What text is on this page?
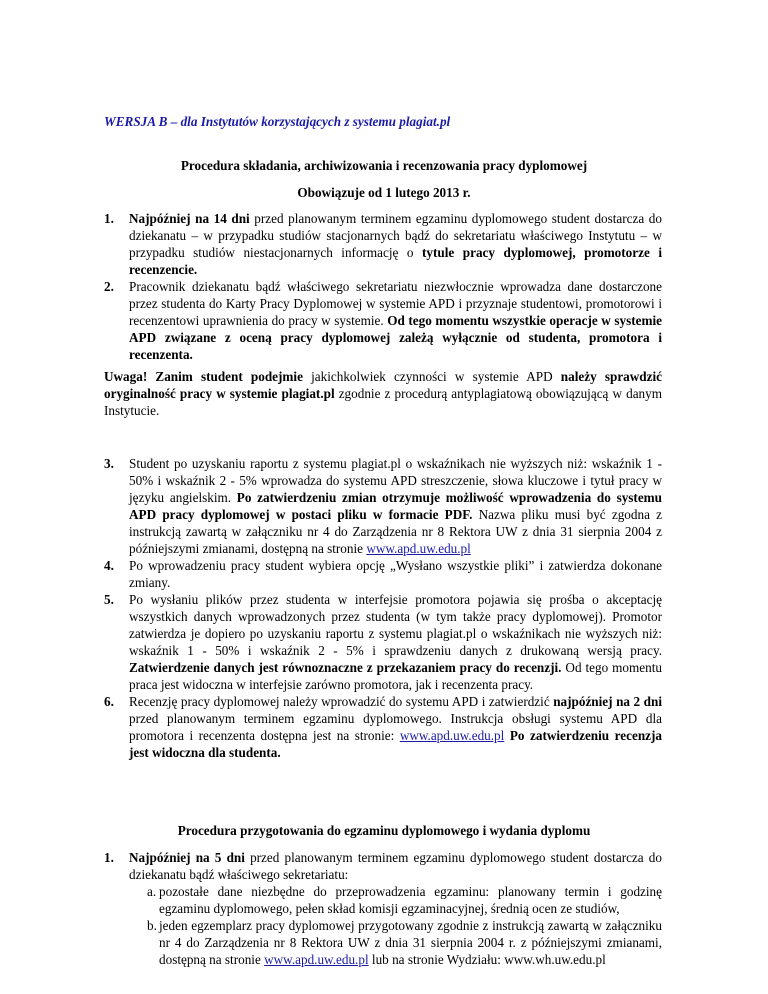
WERSJA B – dla Instytutów korzystających z systemu plagiat.pl
Procedura składania, archiwizowania i recenzowania pracy dyplomowej
Obowiązuje od 1 lutego 2013 r.
1. Najpóźniej na 14 dni przed planowanym terminem egzaminu dyplomowego student dostarcza do dziekanatu – w przypadku studiów stacjonarnych bądź do sekretariatu właściwego Instytutu – w przypadku studiów niestacjonarnych informację o tytule pracy dyplomowej, promotorze i recenzencie.
2. Pracownik dziekanatu bądź właściwego sekretariatu niezwłocznie wprowadza dane dostarczone przez studenta do Karty Pracy Dyplomowej w systemie APD i przyznaje studentowi, promotorowi i recenzentowi uprawnienia do pracy w systemie. Od tego momentu wszystkie operacje w systemie APD związane z oceną pracy dyplomowej zależą wyłącznie od studenta, promotora i recenzenta.

Uwaga! Zanim student podejmie jakichkolwiek czynności w systemie APD należy sprawdzić oryginalność pracy w systemie plagiat.pl zgodnie z procedurą antyplagiatową obowiązującą w danym Instytucie.

3. Student po uzyskaniu raportu z systemu plagiat.pl o wskaźnikach nie wyższych niż: wskaźnik 1 - 50% i wskaźnik 2 - 5% wprowadza do systemu APD streszczenie, słowa kluczowe i tytuł pracy w języku angielskim. Po zatwierdzeniu zmian otrzymuje możliwość wprowadzenia do systemu APD pracy dyplomowej w postaci pliku w formacie PDF. Nazwa pliku musi być zgodna z instrukcją zawartą w załączniku nr 4 do Zarządzenia nr 8 Rektora UW z dnia 31 sierpnia 2004 z późniejszymi zmianami, dostępną na stronie www.apd.uw.edu.pl
4. Po wprowadzeniu pracy student wybiera opcję „Wysłano wszystkie pliki” i zatwierdza dokonane zmiany.
5. Po wysłaniu plików przez studenta w interfejsie promotora pojawia się prośba o akceptację wszystkich danych wprowadzonych przez studenta (w tym także pracy dyplomowej). Promotor zatwierdza je dopiero po uzyskaniu raportu z systemu plagiat.pl o wskaźnikach nie wyższych niż: wskaźnik 1 - 50% i wskaźnik 2 - 5% i sprawdzeniu danych z drukowaną wersją pracy. Zatwierdzenie danych jest równoznaczne z przekazaniem pracy do recenzji. Od tego momentu praca jest widoczna w interfejsie zarówno promotora, jak i recenzenta pracy.
6. Recenzję pracy dyplomowej należy wprowadzić do systemu APD i zatwierdzić najpóźniej na 2 dni przed planowanym terminem egzaminu dyplomowego. Instrukcja obsługi systemu APD dla promotora i recenzenta dostępna jest na stronie: www.apd.uw.edu.pl Po zatwierdzeniu recenzja jest widoczna dla studenta.
Procedura przygotowania do egzaminu dyplomowego i wydania dyplomu
1. Najpóźniej na 5 dni przed planowanym terminem egzaminu dyplomowego student dostarcza do dziekanatu bądź właściwego sekretariatu:
a. pozostałe dane niezbędne do przeprowadzenia egzaminu: planowany termin i godzinę egzaminu dyplomowego, pełen skład komisji egzaminacyjnej, średnią ocen ze studiów,
b. jeden egzemplarz pracy dyplomowej przygotowany zgodnie z instrukcją zawartą w załączniku nr 4 do Zarządzenia nr 8 Rektora UW z dnia 31 sierpnia 2004 r. z późniejszymi zmianami, dostępną na stronie www.apd.uw.edu.pl lub na stronie Wydziału: www.wh.uw.edu.pl
